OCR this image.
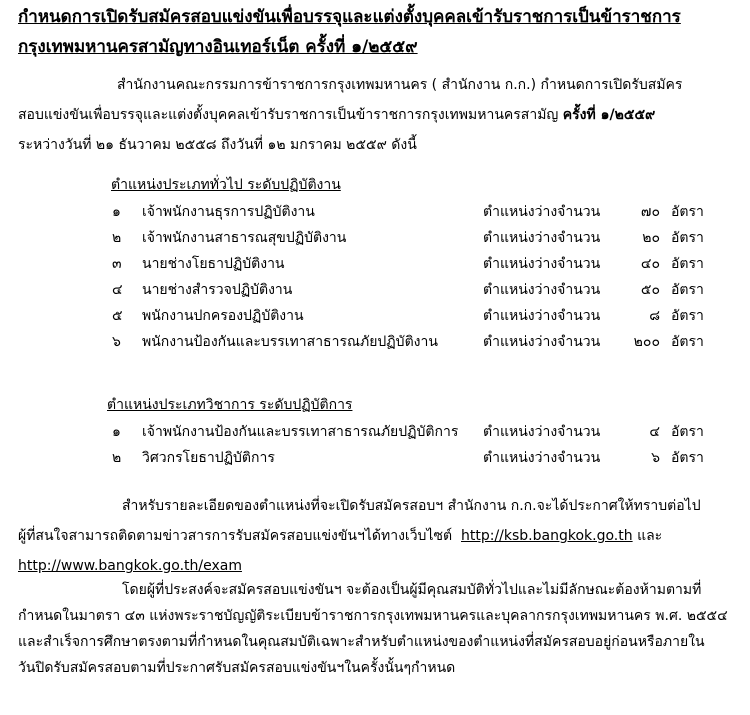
กำหนดการเปิดรับสมัครสอบแข่งขันเพื่อบรรจุและแต่งตั้งบุคคลเข้ารับราชการเป็นข้าราชการ
กรุงเทพมหานครสามัญทางอินเทอร์เน็ต ครั้งที่ ๑/๒๕๕๙
สำนักงานคณะกรรมการข้าราชการกรุงเทพมหานคร ( สำนักงาน ก.ก.) กำหนดการเปิดรับสมัคร
สอบแข่งขันเพื่อบรรจุและแต่งตั้งบุคคลเข้ารับราชการเป็นข้าราชการกรุงเทพมหานครสามัญ ครั้งที่ ๑/๒๕๕๙
ระหว่างวันที่ ๒๑ ธันวาคม ๒๕๕๘ ถึงวันที่ ๑๒ มกราคม ๒๕๕๙ ดังนี้
ตำแหน่งประเภททั่วไป ระดับปฏิบัติงาน
๑ เจ้าพนักงานธุรการปฏิบัติงาน	ตำแหน่งว่างจำนวน	๗๐ อัตรา
๒ เจ้าพนักงานสาธารณสุขปฏิบัติงาน	ตำแหน่งว่างจำนวน	๒๐ อัตรา
๓ นายช่างโยธาปฏิบัติงาน	ตำแหน่งว่างจำนวน	๔๐ อัตรา
๔ นายช่างสำรวจปฏิบัติงาน	ตำแหน่งว่างจำนวน	๕๐ อัตรา
๕ พนักงานปกครองปฏิบัติงาน	ตำแหน่งว่างจำนวน	๘ อัตรา
๖ พนักงานป้องกันและบรรเทาสาธารณภัยปฏิบัติงาน	ตำแหน่งว่างจำนวน	๒๐๐ อัตรา
ตำแหน่งประเภทวิชาการ ระดับปฏิบัติการ
๑ เจ้าพนักงานป้องกันและบรรเทาสาธารณภัยปฏิบัติการ ตำแหน่งว่างจำนวน	๔ อัตรา
๒ วิศวกรโยธาปฏิบัติการ	ตำแหน่งว่างจำนวน	๖ อัตรา
สำหรับรายละเอียดของตำแหน่งที่จะเปิดรับสมัครสอบฯ สำนักงาน ก.ก.จะได้ประกาศให้ทราบต่อไป
ผู้ที่สนใจสามารถติดตามข่าวสารการรับสมัครสอบแข่งขันฯได้ทางเว็บไซต์ http://ksb.bangkok.go.th และ
http://www.bangkok.go.th/exam
โดยผู้ที่ประสงค์จะสมัครสอบแข่งขันฯ จะต้องเป็นผู้มีคุณสมบัติทั่วไปและไม่มีลักษณะต้องห้ามตามที่
กำหนดในมาตรา ๔๓ แห่งพระราชบัญญัติระเบียบข้าราชการกรุงเทพมหานครและบุคลากรกรุงเทพมหานคร พ.ศ. ๒๕๕๔
และสำเร็จการศึกษาตรงตามที่กำหนดในคุณสมบัติเฉพาะสำหรับตำแหน่งของตำแหน่งที่สมัครสอบอยู่ก่อนหรือภายใน
วันปิดรับสมัครสอบตามที่ประกาศรับสมัครสอบแข่งขันฯในครั้งนั้นๆกำหนด
